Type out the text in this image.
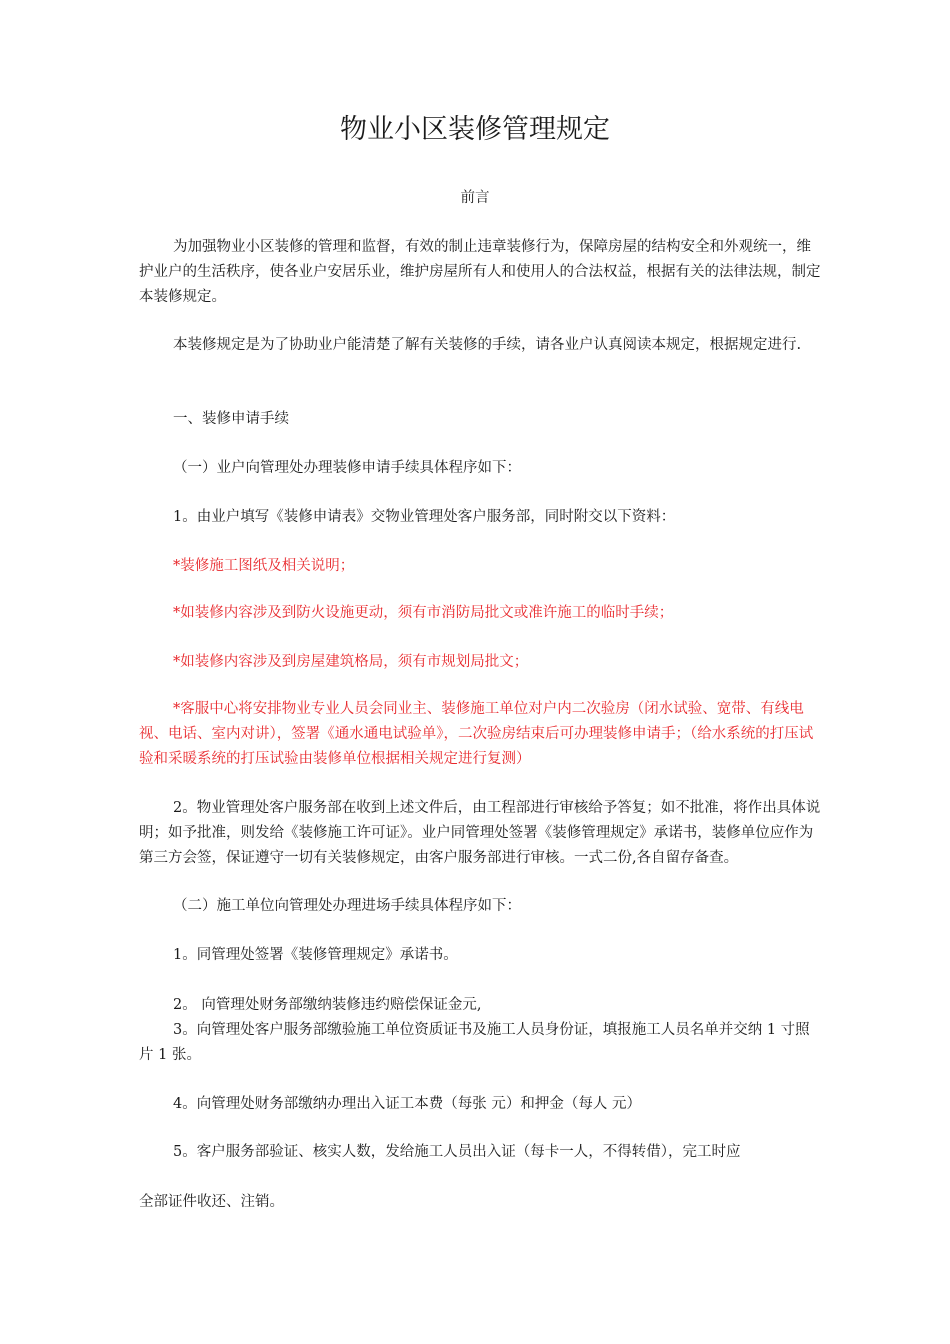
物业小区装修管理规定

前言

为加强物业小区装修的管理和监督，有效的制止违章装修行为，保障房屋的结构安全和外观统一，维护业户的生活秩序，使各业户安居乐业，维护房屋所有人和使用人的合法权益，根据有关的法律法规，制定本装修规定。

本装修规定是为了协助业户能清楚了解有关装修的手续，请各业户认真阅读本规定，根据规定进行.

一、装修申请手续

（一）业户向管理处办理装修申请手续具体程序如下：

1。由业户填写《装修申请表》交物业管理处客户服务部，同时附交以下资料：

*装修施工图纸及相关说明；

*如装修内容涉及到防火设施更动，须有市消防局批文或准许施工的临时手续；

*如装修内容涉及到房屋建筑格局，须有市规划局批文；

*客服中心将安排物业专业人员会同业主、装修施工单位对户内二次验房（闭水试验、宽带、有线电视、电话、室内对讲），签署《通水通电试验单》，二次验房结束后可办理装修申请手；（给水系统的打压试验和采暖系统的打压试验由装修单位根据相关规定进行复测）

2。物业管理处客户服务部在收到上述文件后，由工程部进行审核给予答复；如不批准，将作出具体说明；如予批准，则发给《装修施工许可证》。业户同管理处签署《装修管理规定》承诺书，装修单位应作为第三方会签，保证遵守一切有关装修规定，由客户服务部进行审核。一式二份,各自留存备查。

（二）施工单位向管理处办理进场手续具体程序如下：

1。同管理处签署《装修管理规定》承诺书。

2。 向管理处财务部缴纳装修违约赔偿保证金元,

3。向管理处客户服务部缴验施工单位资质证书及施工人员身份证，填报施工人员名单并交纳 1 寸照片 1 张。

4。向管理处财务部缴纳办理出入证工本费（每张 元）和押金（每人 元）

5。客户服务部验证、核实人数，发给施工人员出入证（每卡一人，不得转借），完工时应

全部证件收还、注销。
